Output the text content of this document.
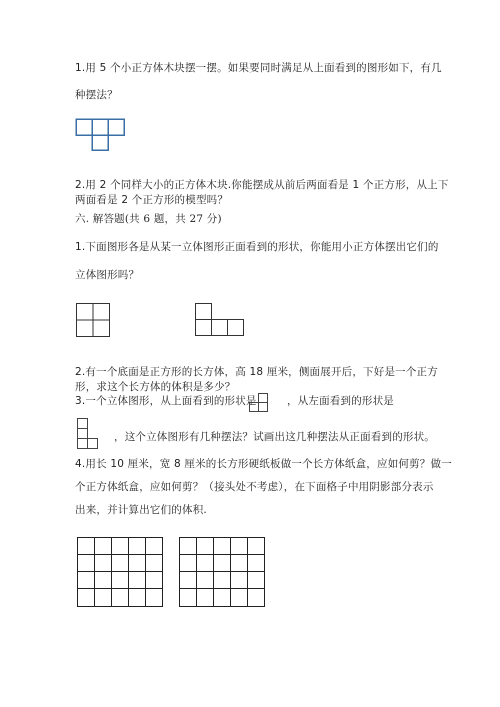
1.用 5 个小正方体木块摆一摆。如果要同时满足从上面看到的图形如下，有几
种摆法？
2.用 2 个同样大小的正方体木块.你能摆成从前后两面看是 1 个正方形，从上下
两面看是 2 个正方形的模型吗？
六. 解答题(共 6 题，共 27 分)
1.下面图形各是从某一立体图形正面看到的形状，你能用小正方体摆出它们的
立体图形吗？
2.有一个底面是正方形的长方体，高 18 厘米，侧面展开后，下好是一个正方
形，求这个长方体的体积是多少？
3.一个立体图形，从上面看到的形状是	，从左面看到的形状是
，这个立体图形有几种摆法？试画出这几种摆法从正面看到的形状。
4.用长 10 厘米，宽 8 厘米的长方形硬纸板做一个长方体纸盒，应如何剪？做一
个正方体纸盒，应如何剪？（接头处不考虑），在下面格子中用阴影部分表示
出来，并计算出它们的体积.
